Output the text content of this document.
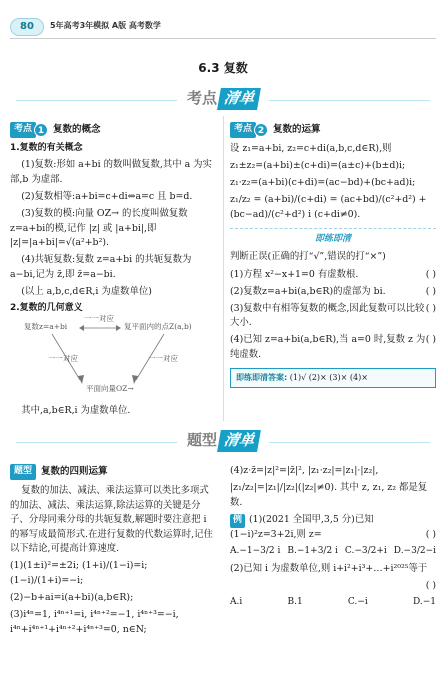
80	5年高考3年模拟 A版 高考数学
6.3 复数
考点 清单
考点 1 复数的概念
1.复数的有关概念
(1)复数:形如 a+bi 的数叫做复数,其中 a 为实部,b 为虚部.
(2)复数相等:a+bi=c+di⇔a=c 且 b=d.
(3)复数的模:向量 OZ→ 的长度叫做复数 z=a+bi的模,记作 |z| 或 |a+bi|,即 |z|=|a+bi|=√(a²+b²).
(4)共轭复数:复数 z=a+bi 的共轭复数为 a−bi,记为 z̄,即 z̄=a−bi.
(以上 a,b,c,d∈R,i 为虚数单位)
2.复数的几何意义
复数z=a+bi
一一对应
复平面内的点Z(a,b)
一一对应	一一对应
平面向量OZ→
其中,a,b∈R,i 为虚数单位.
考点 2 复数的运算
设 z₁=a+bi, z₂=c+di(a,b,c,d∈R),则
z₁±z₂=(a+bi)±(c+di)=(a±c)+(b±d)i;
z₁·z₂=(a+bi)(c+di)=(ac−bd)+(bc+ad)i;
z₁/z₂ = (a+bi)/(c+di) = (ac+bd)/(c²+d²) + (bc−ad)/(c²+d²) i (c+di≠0).
即练即清
判断正误(正确的打“√”,错误的打“×”)
( )
(1)方程 x²−x+1=0 有虚数根.
( )
(2)复数z=a+bi(a,b∈R)的虚部为 bi.
( )
(3)复数中有相等复数的概念,因此复数可以比较大小.
( )
(4)已知 z=a+bi(a,b∈R),当 a=0 时,复数 z 为纯虚数.
即练即清答案: (1)√ (2)× (3)× (4)×
题型 清单
题型 复数的四则运算
复数的加法、减法、乘法运算可以类比多项式的加法、减法、乘法运算,除法运算的关键是分子、分母同乘分母的共轭复数,解题时要注意把 i 的幂写成最简形式.在进行复数的代数运算时,记住以下结论,可提高计算速度.
(1)(1±i)²=±2i; (1+i)/(1−i)=i; (1−i)/(1+i)=−i;
(2)−b+ai=i(a+bi)(a,b∈R);
(3)i⁴ⁿ=1, i⁴ⁿ⁺¹=i, i⁴ⁿ⁺²=−1, i⁴ⁿ⁺³=−i, i⁴ⁿ+i⁴ⁿ⁺¹+i⁴ⁿ⁺²+i⁴ⁿ⁺³=0, n∈N;
(4)z·z̄=|z|²=|z̄|², |z₁·z₂|=|z₁|·|z₂|,
|z₁/z₂|=|z₁|/|z₂|(|z₂|≠0). 其中 z, z₁, z₂ 都是复数.
例 (1)(2021 全国甲,3,5 分)已知(1−i)²z=3+2i,则 z=	( )
A.−1−3/2 i B.−1+3/2 i C.−3/2+i D.−3/2−i
(2)已知 i 为虚数单位,则 i+i²+i³+…+i²⁰²⁵等于
( )
A.i	B.1	C.−i	D.−1
